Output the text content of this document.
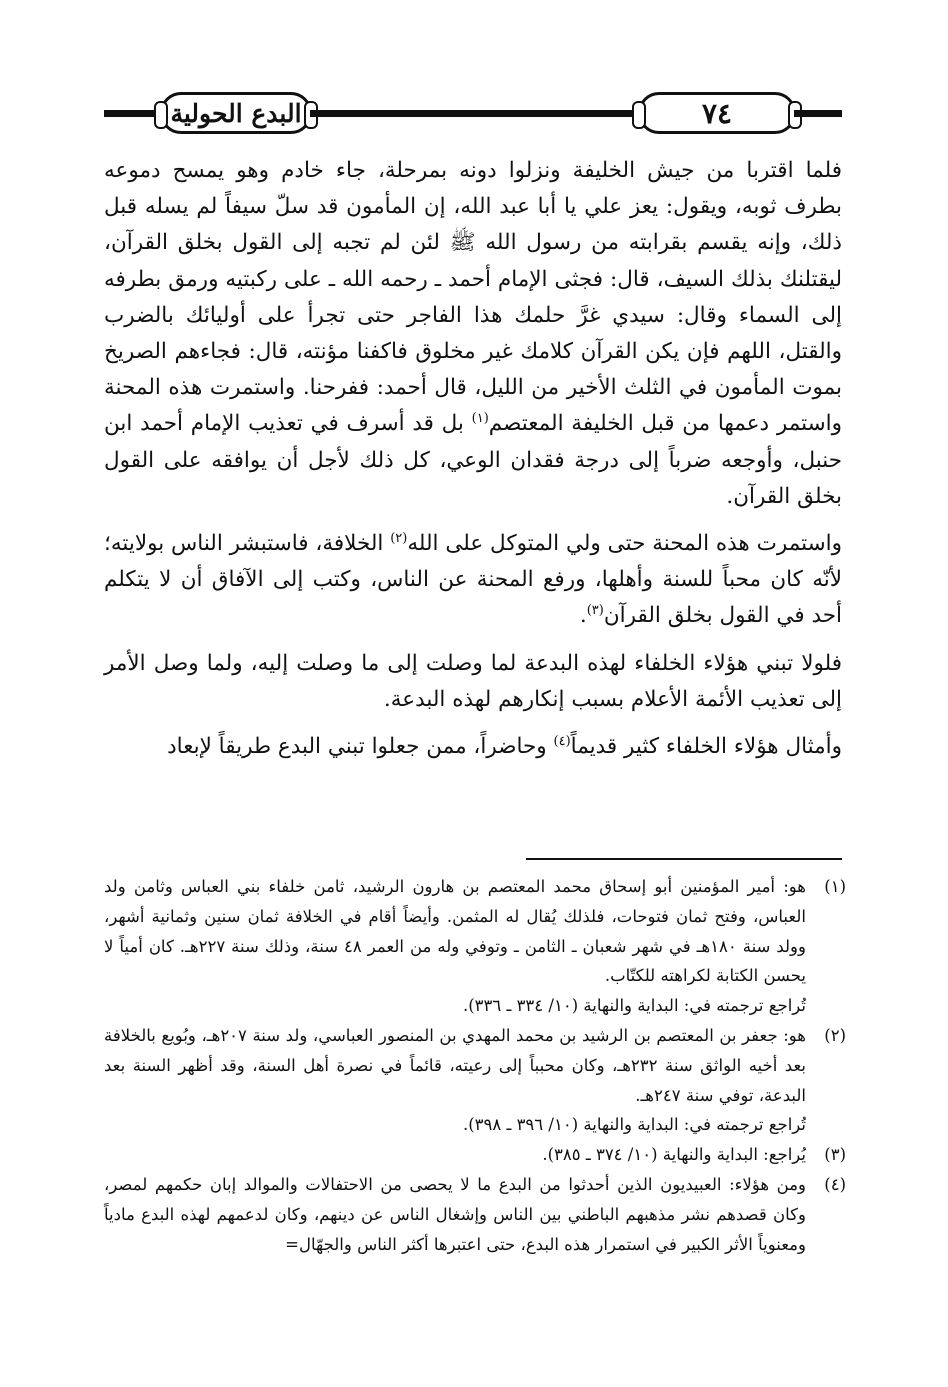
البدع الحولية	٧٤

فلما اقتربا من جيش الخليفة ونزلوا دونه بمرحلة، جاء خادم وهو يمسح دموعه بطرف ثوبه، ويقول: يعز علي يا أبا عبد الله، إن المأمون قد سلّ سيفاً لم يسله قبل ذلك، وإنه يقسم بقرابته من رسول الله ﷺ لئن لم تجبه إلى القول بخلق القرآن، ليقتلنك بذلك السيف، قال: فجثى الإمام أحمد ـ رحمه الله ـ على ركبتيه ورمق بطرفه إلى السماء وقال: سيدي غرَّ حلمك هذا الفاجر حتى تجرأ على أوليائك بالضرب والقتل، اللهم فإن يكن القرآن كلامك غير مخلوق فاكفنا مؤنته، قال: فجاءهم الصريخ بموت المأمون في الثلث الأخير من الليل، قال أحمد: ففرحنا. واستمرت هذه المحنة واستمر دعمها من قبل الخليفة المعتصم$^{(١)}$ بل قد أسرف في تعذيب الإمام أحمد ابن حنبل، وأوجعه ضرباً إلى درجة فقدان الوعي، كل ذلك لأجل أن يوافقه على القول بخلق القرآن.

واستمرت هذه المحنة حتى ولي المتوكل على الله$^{(٢)}$ الخلافة، فاستبشر الناس بولايته؛ لأنّه كان محباً للسنة وأهلها، ورفع المحنة عن الناس، وكتب إلى الآفاق أن لا يتكلم أحد في القول بخلق القرآن$^{(٣)}$.

فلولا تبني هؤلاء الخلفاء لهذه البدعة لما وصلت إلى ما وصلت إليه، ولما وصل الأمر إلى تعذيب الأئمة الأعلام بسبب إنكارهم لهذه البدعة.

وأمثال هؤلاء الخلفاء كثير قديماً$^{(٤)}$ وحاضراً، ممن جعلوا تبني البدع طريقاً لإبعاد

(١)
هو: أمير المؤمنين أبو إسحاق محمد المعتصم بن هارون الرشيد، ثامن خلفاء بني العباس وثامن ولد العباس، وفتح ثمان فتوحات، فلذلك يُقال له المثمن. وأيضاً أقام في الخلافة ثمان سنين وثمانية أشهر، وولد سنة ١٨٠هـ في شهر شعبان ـ الثامن ـ وتوفي وله من العمر ٤٨ سنة، وذلك سنة ٢٢٧هـ. كان أمياً لا يحسن الكتابة لكراهته للكتّاب.
تُراجع ترجمته في: البداية والنهاية (١٠/ ٣٣٤ ـ ٣٣٦).
(٢)
هو: جعفر بن المعتصم بن الرشيد بن محمد المهدي بن المنصور العباسي، ولد سنة ٢٠٧هـ، وبُويع بالخلافة بعد أخيه الواثق سنة ٢٣٢هـ، وكان محبباً إلى رعيته، قائماً في نصرة أهل السنة، وقد أظهر السنة بعد البدعة، توفي سنة ٢٤٧هـ.
تُراجع ترجمته في: البداية والنهاية (١٠/ ٣٩٦ ـ ٣٩٨).
(٣)
يُراجع: البداية والنهاية (١٠/ ٣٧٤ ـ ٣٨٥).
(٤)
ومن هؤلاء: العبيديون الذين أحدثوا من البدع ما لا يحصى من الاحتفالات والموالد إبان حكمهم لمصر، وكان قصدهم نشر مذهبهم الباطني بين الناس وإشغال الناس عن دينهم، وكان لدعمهم لهذه البدع مادياً ومعنوياً الأثر الكبير في استمرار هذه البدع، حتى اعتبرها أكثر الناس والجهّال=
